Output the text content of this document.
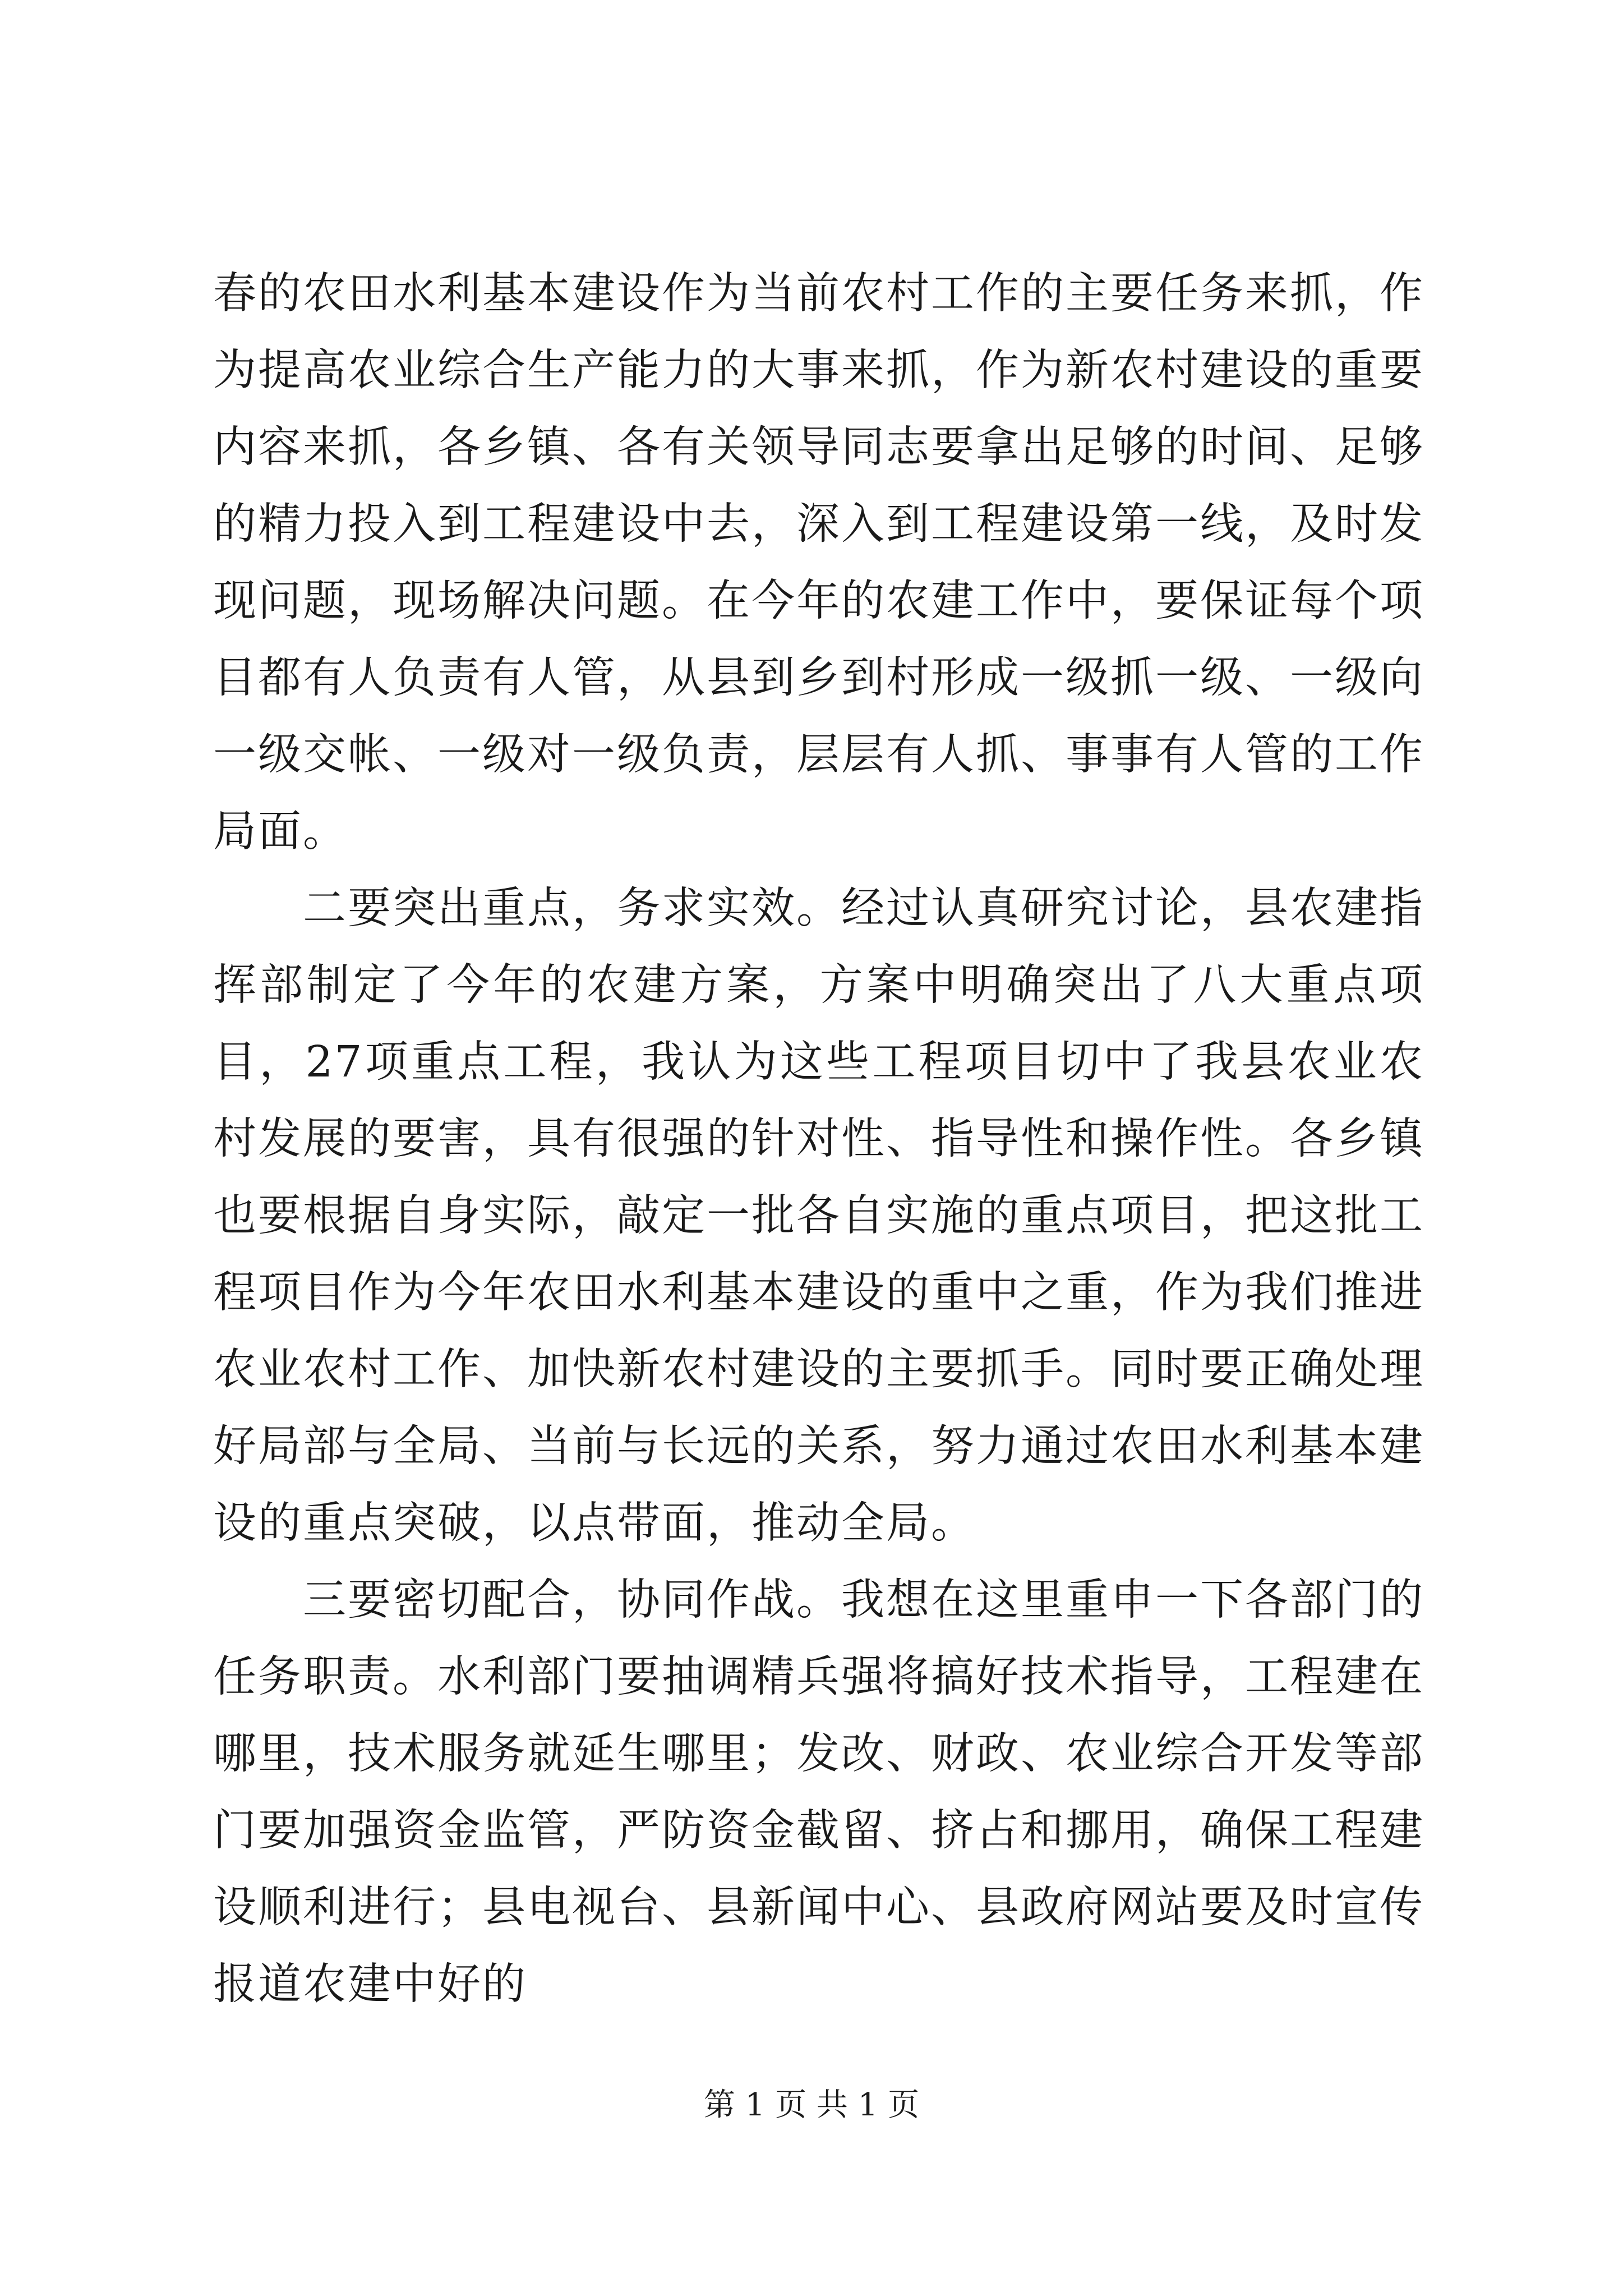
春的农田水利基本建设作为当前农村工作的主要任务来抓，作为提高农业综合生产能力的大事来抓，作为新农村建设的重要内容来抓，各乡镇、各有关领导同志要拿出足够的时间、足够的精力投入到工程建设中去，深入到工程建设第一线，及时发现问题，现场解决问题。在今年的农建工作中，要保证每个项目都有人负责有人管，从县到乡到村形成一级抓一级、一级向一级交帐、一级对一级负责，层层有人抓、事事有人管的工作局面。

二要突出重点，务求实效。经过认真研究讨论，县农建指挥部制定了今年的农建方案，方案中明确突出了八大重点项目，27项重点工程，我认为这些工程项目切中了我县农业农村发展的要害，具有很强的针对性、指导性和操作性。各乡镇也要根据自身实际，敲定一批各自实施的重点项目，把这批工程项目作为今年农田水利基本建设的重中之重，作为我们推进农业农村工作、加快新农村建设的主要抓手。同时要正确处理好局部与全局、当前与长远的关系，努力通过农田水利基本建设的重点突破，以点带面，推动全局。

三要密切配合，协同作战。我想在这里重申一下各部门的任务职责。水利部门要抽调精兵强将搞好技术指导，工程建在哪里，技术服务就延生哪里；发改、财政、农业综合开发等部门要加强资金监管，严防资金截留、挤占和挪用，确保工程建设顺利进行；县电视台、县新闻中心、县政府网站要及时宣传报道农建中好的

第 1 页 共 1 页
